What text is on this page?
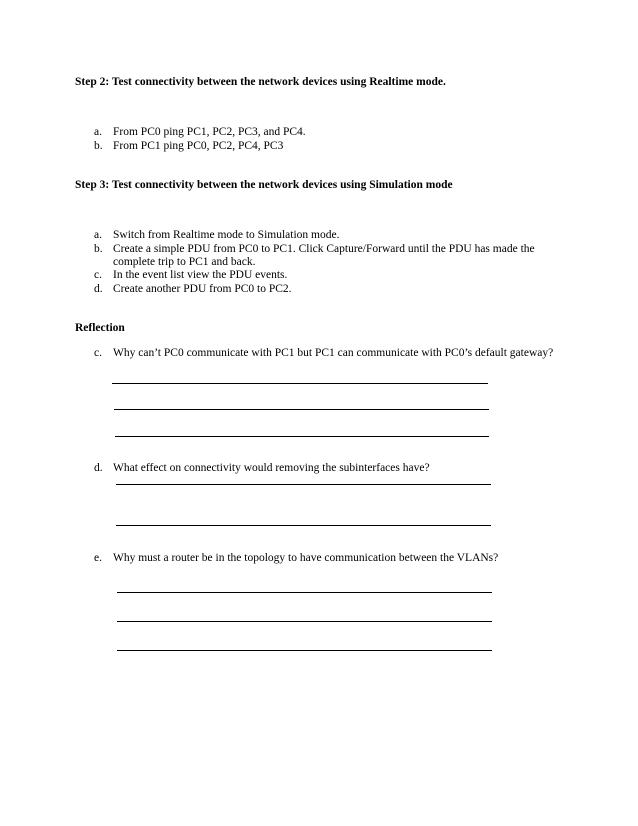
Step 2: Test connectivity between the network devices using Realtime mode.
a. From PC0 ping PC1, PC2, PC3, and PC4.
b. From PC1 ping PC0, PC2, PC4, PC3
Step 3: Test connectivity between the network devices using Simulation mode
a. Switch from Realtime mode to Simulation mode.
b. Create a simple PDU from PC0 to PC1. Click Capture/Forward until the PDU has made the
complete trip to PC1 and back.
c. In the event list view the PDU events.
d. Create another PDU from PC0 to PC2.
Reflection
c. Why can’t PC0 communicate with PC1 but PC1 can communicate with PC0’s default gateway?
d. What effect on connectivity would removing the subinterfaces have?
e. Why must a router be in the topology to have communication between the VLANs?
